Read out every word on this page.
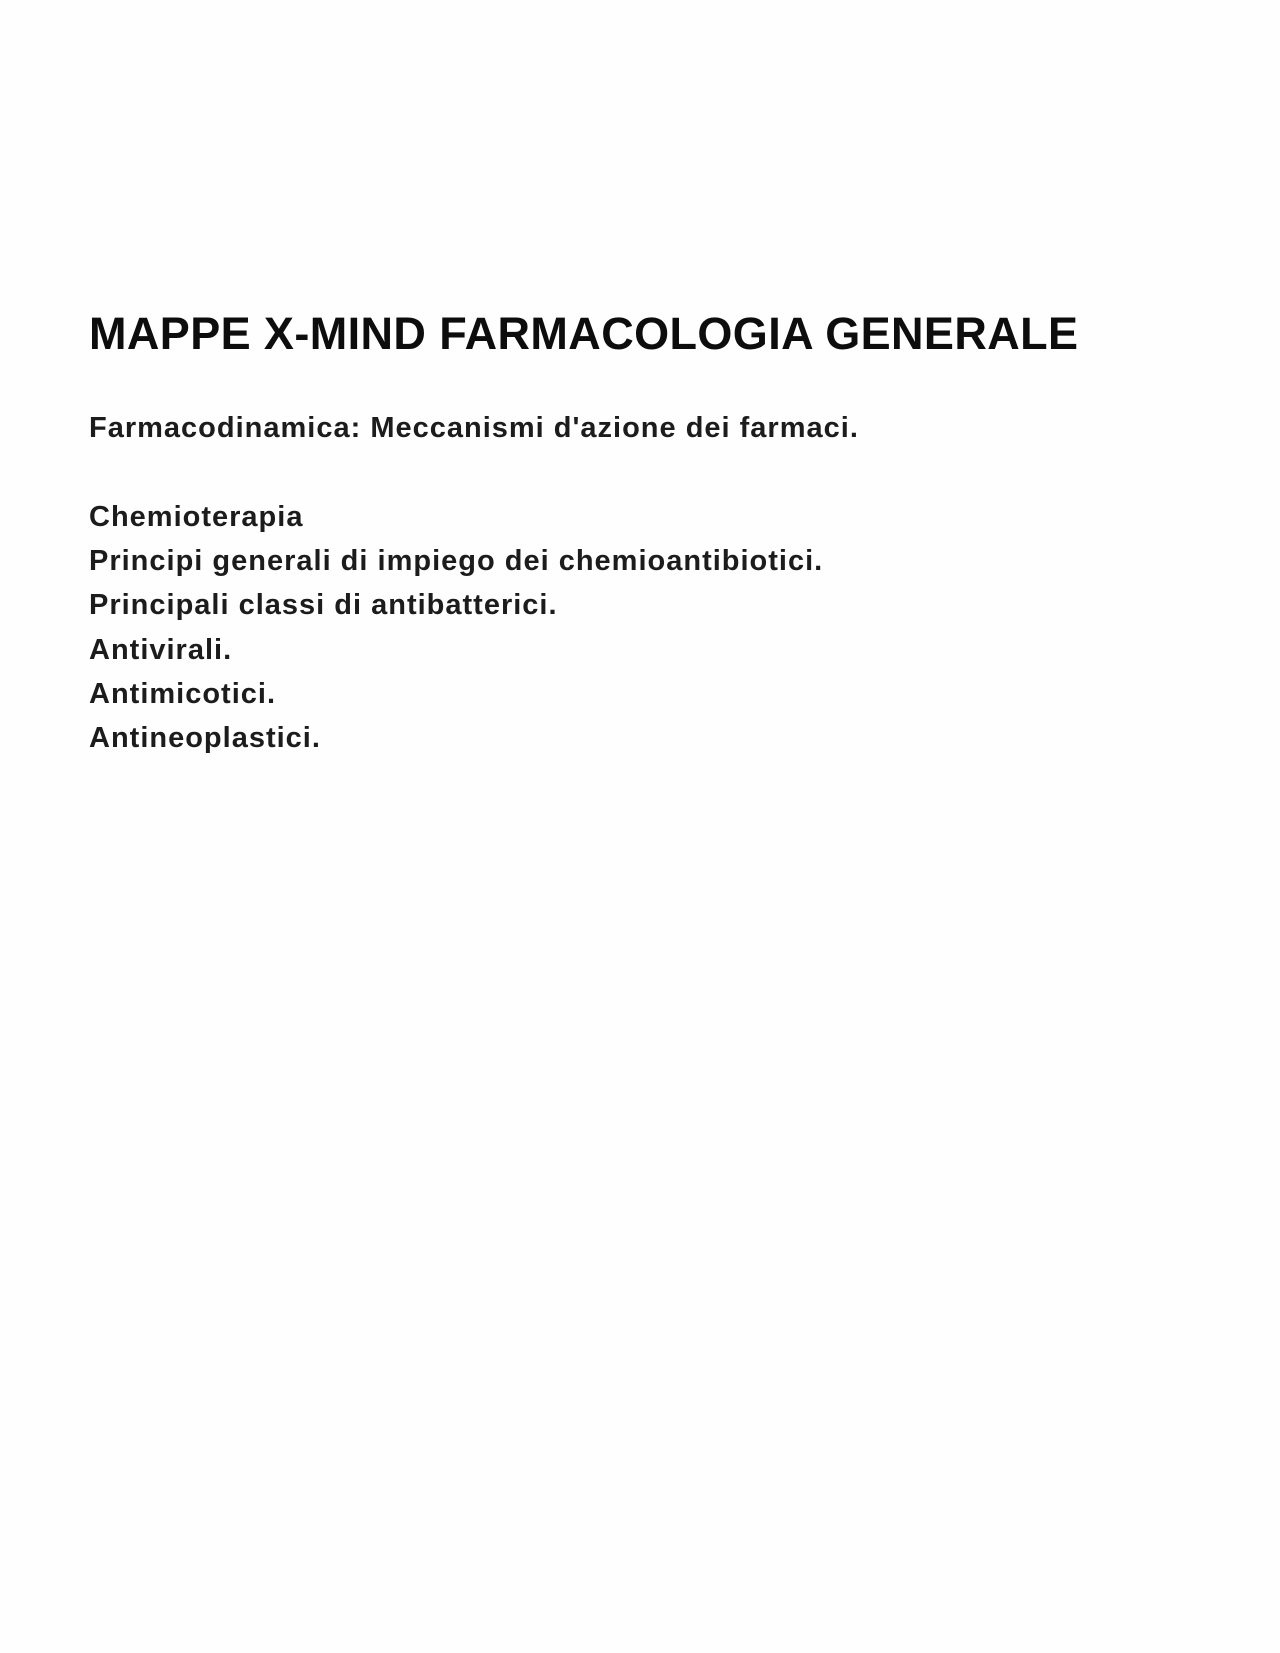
MAPPE X-MIND FARMACOLOGIA GENERALE

Farmacodinamica: Meccanismi d'azione dei farmaci.

Chemioterapia

Principi generali di impiego dei chemioantibiotici.

Principali classi di antibatterici.

Antivirali.

Antimicotici.

Antineoplastici.
